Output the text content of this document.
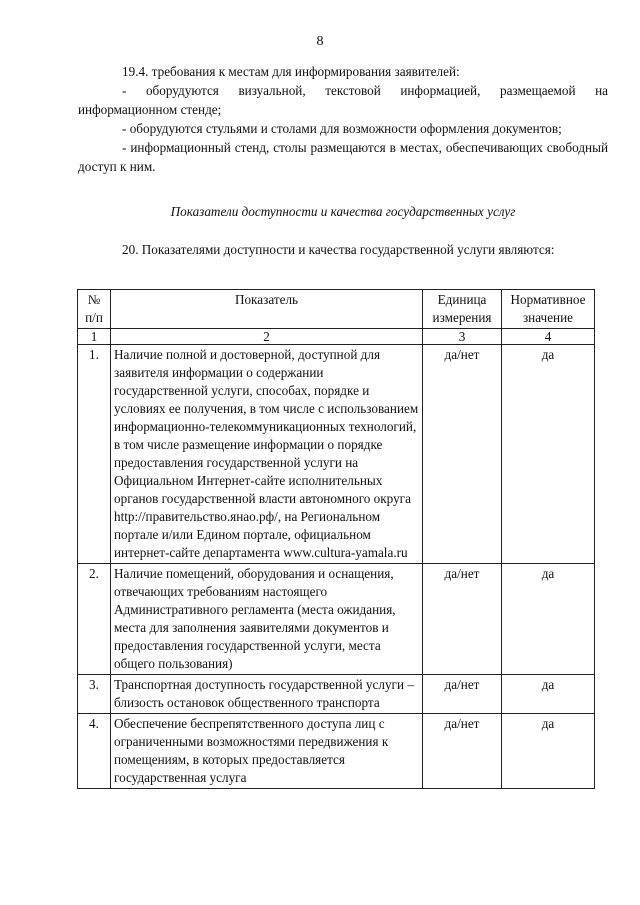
8

19.4. требования к местам для информирования заявителей:

- оборудуются визуальной, текстовой информацией, размещаемой на информационном стенде;

- оборудуются стульями и столами для возможности оформления документов;

- информационный стенд, столы размещаются в местах, обеспечивающих свободный доступ к ним.

Показатели доступности и качества государственных услуг

20. Показателями доступности и качества государственной услуги являются:

№ п/п	Показатель	Единица измерения	Нормативное значение
1	2	3	4
1.	Наличие полной и достоверной, доступной для заявителя информации о содержании государственной услуги, способах, порядке и условиях ее получения, в том числе с использованием информационно-телекоммуникационных технологий, в том числе размещение информации о порядке предоставления государственной услуги на Официальном Интернет-сайте исполнительных органов государственной власти автономного округа http://правительство.янао.рф/, на Региональном портале и/или Едином портале, официальном интернет-сайте департамента www.cultura-yamala.ru	да/нет	да
2.	Наличие помещений, оборудования и оснащения, отвечающих требованиям настоящего Административного регламента (места ожидания, места для заполнения заявителями документов и предоставления государственной услуги, места общего пользования)	да/нет	да
3.	Транспортная доступность государственной услуги – близость остановок общественного транспорта	да/нет	да
4.	Обеспечение беспрепятственного доступа лиц с ограниченными возможностями передвижения к помещениям, в которых предоставляется государственная услуга	да/нет	да
